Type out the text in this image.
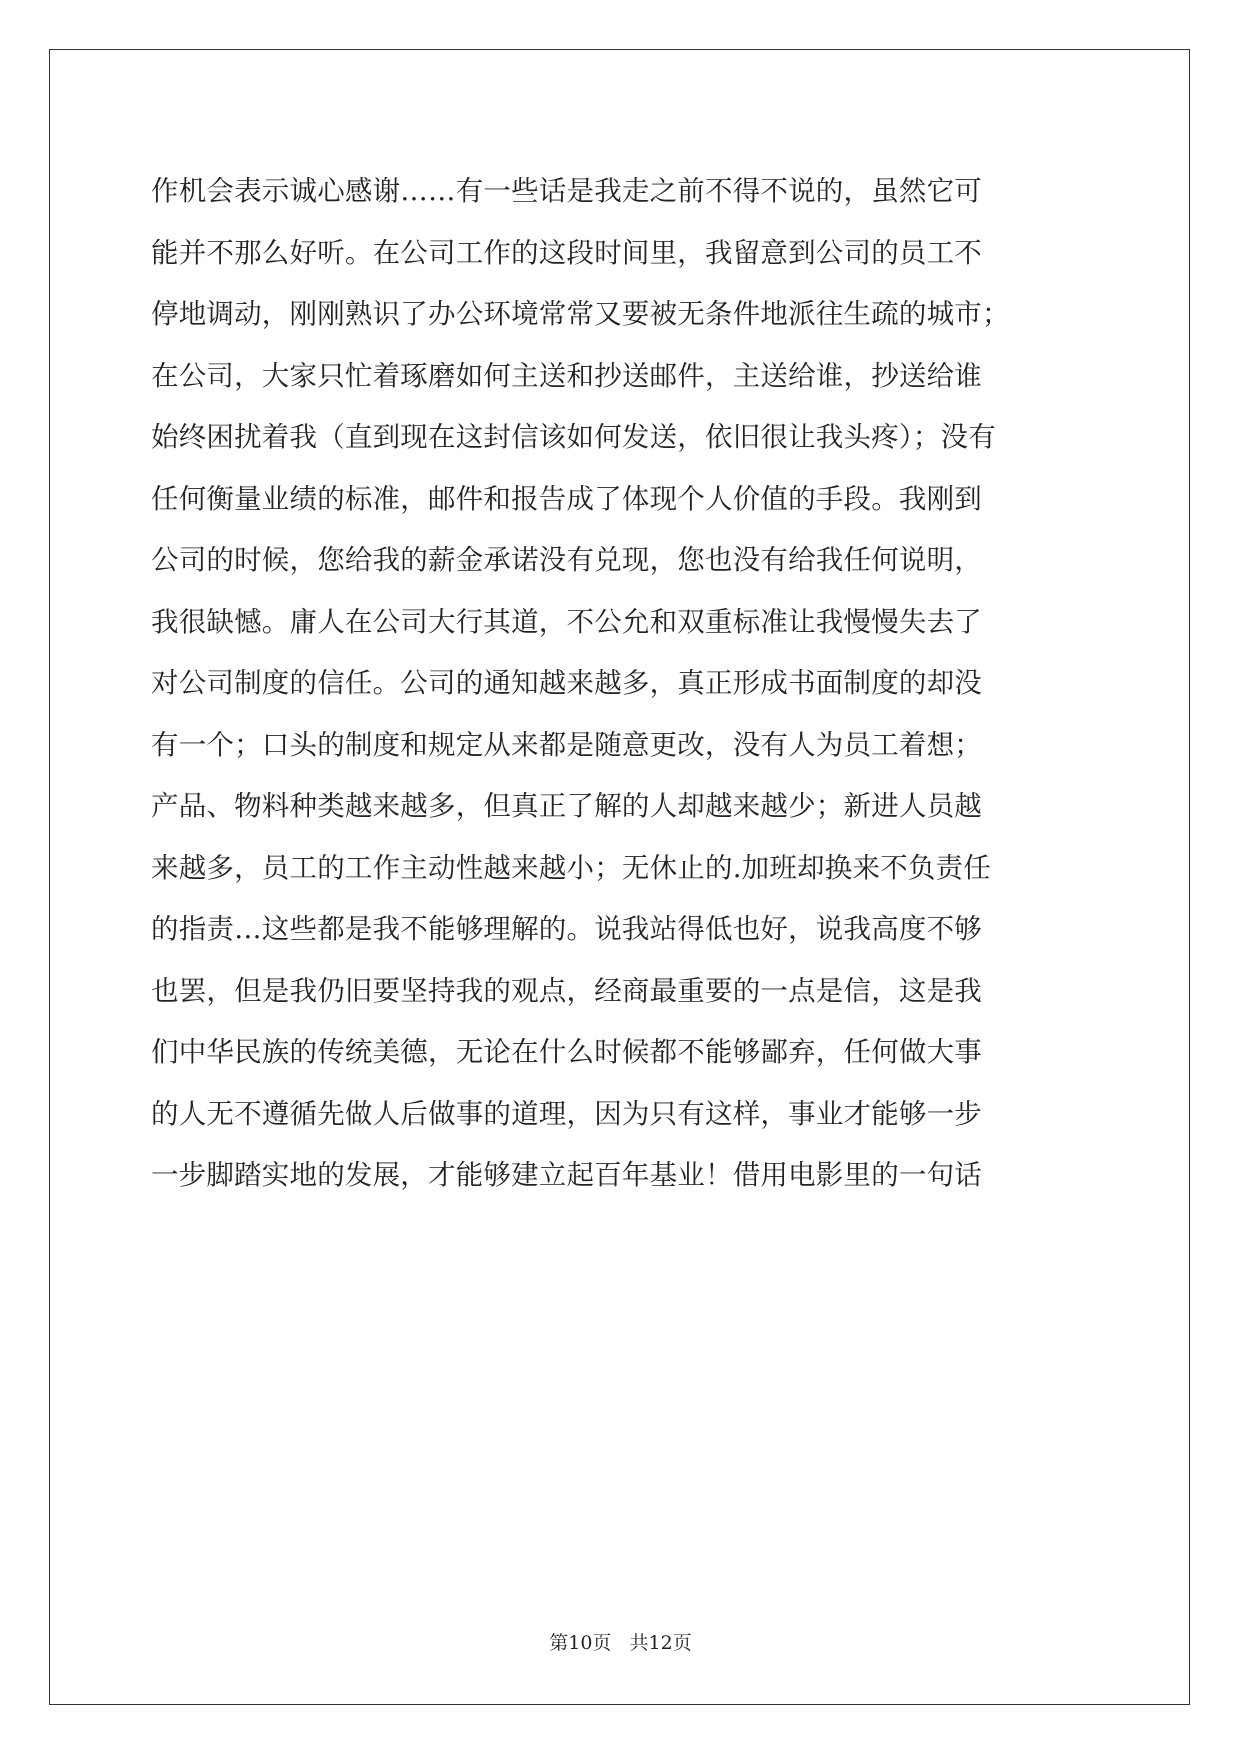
作机会表示诚心感谢……有一些话是我走之前不得不说的，虽然它可
能并不那么好听。在公司工作的这段时间里，我留意到公司的员工不
停地调动，刚刚熟识了办公环境常常又要被无条件地派往生疏的城市；
在公司，大家只忙着琢磨如何主送和抄送邮件，主送给谁，抄送给谁
始终困扰着我（直到现在这封信该如何发送，依旧很让我头疼）；没有
任何衡量业绩的标准，邮件和报告成了体现个人价值的手段。我刚到
公司的时候，您给我的薪金承诺没有兑现，您也没有给我任何说明，
我很缺憾。庸人在公司大行其道，不公允和双重标准让我慢慢失去了
对公司制度的信任。公司的通知越来越多，真正形成书面制度的却没
有一个；口头的制度和规定从来都是随意更改，没有人为员工着想；
产品、物料种类越来越多，但真正了解的人却越来越少；新进人员越
来越多，员工的工作主动性越来越小；无休止的.加班却换来不负责任
的指责…这些都是我不能够理解的。说我站得低也好，说我高度不够
也罢，但是我仍旧要坚持我的观点，经商最重要的一点是信，这是我
们中华民族的传统美德，无论在什么时候都不能够鄙弃，任何做大事
的人无不遵循先做人后做事的道理，因为只有这样，事业才能够一步
一步脚踏实地的发展，才能够建立起百年基业！借用电影里的一句话
第10页   共12页
